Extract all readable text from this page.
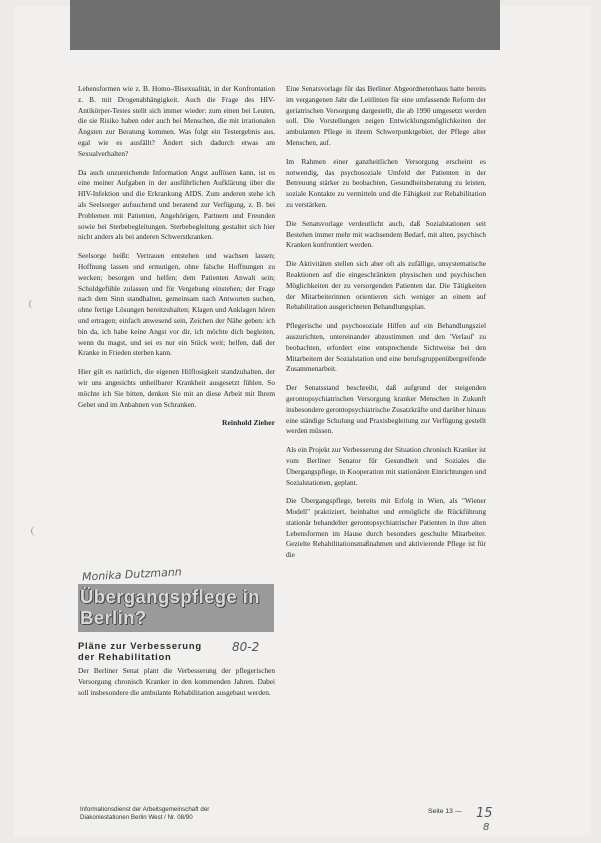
Lebensformen wie z. B. Homo-/Bisexualität, in der Konfrontation z. B. mit Drogenabhängigkeit. Auch die Frage des HIV-Antikörper-Testes stellt sich immer wieder: zum einen bei Leuten, die sie Risiko haben oder auch bei Menschen, die mit irrationalen Ängsten zur Beratung kommen. Was folgt ein Testergebnis aus, egal wie es ausfällt? Ändert sich dadurch etwas am Sexualverhalten?

Da auch unzureichende Information Angst auflösen kann, ist es eine meiner Aufgaben in der ausführlichen Aufklärung über die HIV-Infektion und die Erkrankung AIDS. Zum anderen stehe ich als Seelsorger aufsuchend und beratend zur Verfügung, z. B. bei Problemen mit Patienten, Angehörigen, Partnern und Freunden sowie bei Sterbebegleitungen. Sterbebegleitung gestaltet sich hier nicht anders als bei anderen Schwerstkranken.

Seelsorge heißt: Vertrauen entstehen und wachsen lassen; Hoffnung lassen und ermutigen, ohne falsche Hoffnungen zu wecken; besorgen und helfen; dem Patienten Anwalt sein; Schuldgefühle zulassen und für Vergebung einstehen; der Frage nach dem Sinn standhalten, gemeinsam nach Antworten suchen, ohne fertige Lösungen bereitzuhalten; Klagen und Anklagen hören und ertragen; einfach anwesend sein, Zeichen der Nähe geben: ich bin da, ich habe keine Angst vor dir, ich möchte dich begleiten, wenn du magst, und sei es nur ein Stück weit; helfen, daß der Kranke in Frieden sterben kann.

Hier gilt es natürlich, die eigenen Hilflosigkeit standzuhalten, der wir uns angesichts unheilbarer Krankheit ausgesetzt fühlen. So möchte ich Sie bitten, denken Sie mit an diese Arbeit mit Ihrem Gebet und im Anbahnen von Schranken.

Reinhold Zieher
Monika Dutzmann
Übergangspflege in
Berlin?
Pläne zur Verbesserung
der Rehabilitation
80-2

Der Berliner Senat plant die Verbesserung der pflegerischen Versorgung chronisch Kranker in den kommenden Jahren. Dabei soll insbesondere die ambulante Rehabilitation ausgebaut werden.

Eine Senatsvorlage für das Berliner Abgeordnetenhaus hatte bereits im vergangenen Jahr die Leitlinien für eine umfassende Reform der geriatrischen Versorgung dargestellt, die ab 1990 umgesetzt werden soll. Die Vorstellungen zeigen Entwicklungsmöglichkeiten der ambulanten Pflege in ihrem Schwerpunktgebiet, der Pflege alter Menschen, auf.

Im Rahmen einer ganzheitlichen Versorgung erscheint es notwendig, das psychosoziale Umfeld der Patienten in der Betreuung stärker zu beobachten, Gesundheitsberatung zu leisten, soziale Kontakte zu vermitteln und die Fähigkeit zur Rehabilitation zu verstärken.

Die Senatsvorlage verdeutlicht auch, daß Sozialstationen seit Bestehen immer mehr mit wachsendem Bedarf, mit alten, psychisch Kranken konfrontiert werden.

Die Aktivitäten stellen sich aber oft als zufällige, unsystematische Reaktionen auf die eingeschränkten physischen und psychischen Möglichkeiten der zu versorgenden Patienten dar. Die Tätigkeiten der Mitarbeiterinnen orientieren sich weniger an einem auf Rehabilitation ausgerichteten Behandlungsplan.

Pflegerische und psychosoziale Hilfen auf ein Behandlungsziel auszurichten, untereinander abzustimmen und den 'Verlauf' zu beobachten, erfordert eine entsprechende Sichtweise bei den Mitarbeitern der Sozialstation und eine berufsgruppenübergreifende Zusammenarbeit.

Der Senatsstand beschreibt, daß aufgrund der steigenden gerontopsychiatrischen Versorgung kranker Menschen in Zukunft insbesondere gerontopsychiatrische Zusatzkräfte und darüber hinaus eine ständige Schulung und Praxisbegleitung zur Verfügung gestellt werden müssen.

Als ein Projekt zur Verbesserung der Situation chronisch Kranker ist vom Berliner Senator für Gesundheit und Soziales die Übergangspflege, in Kooperation mit stationären Einrichtungen und Sozialstationen, geplant.

Die Übergangspflege, bereits mit Erfolg in Wien, als "Wiener Modell" praktiziert, beinhaltet und ermöglicht die Rückführung stationär behandelter gerontopsychiatrischer Patienten in ihre alten Lebensformen im Hause durch besonders geschulte Mitarbeiter. Gezielte Rehabilitationsmaßnahmen und aktivierende Pflege ist für die

Informationsdienst der Arbeitsgemeinschaft der
Diakoniestationen Berlin West / Nr. 08/90
Seite 13 — 15
8
